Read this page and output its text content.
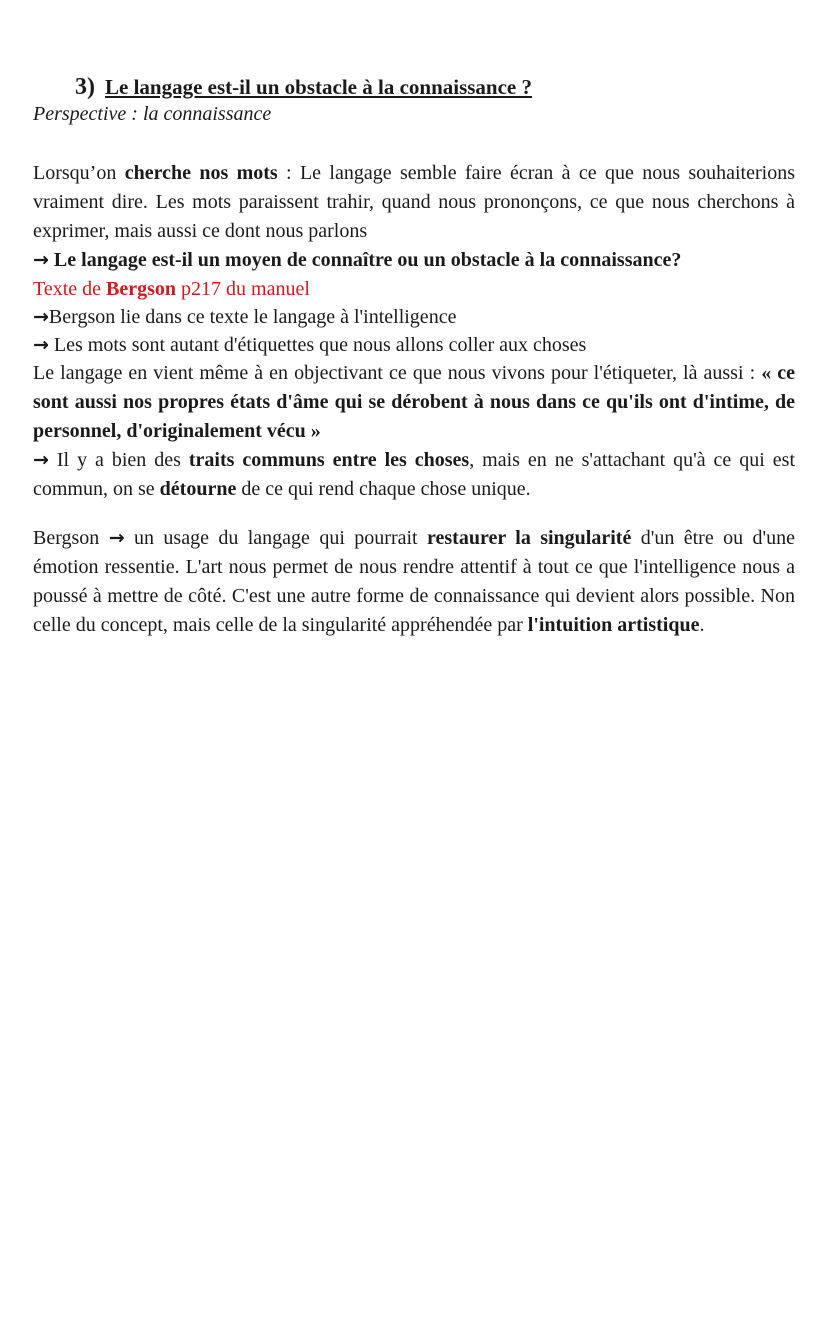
3) Le langage est-il un obstacle à la connaissance ?
Perspective : la connaissance

Lorsqu’on cherche nos mots : Le langage semble faire écran à ce que nous souhaiterions vraiment dire. Les mots paraissent trahir, quand nous prononçons, ce que nous cherchons à exprimer, mais aussi ce dont nous parlons

→ Le langage est-il un moyen de connaître ou un obstacle à la connaissance?
Texte de Bergson p217 du manuel
→Bergson lie dans ce texte le langage à l'intelligence
→ Les mots sont autant d'étiquettes que nous allons coller aux choses

Le langage en vient même à en objectivant ce que nous vivons pour l'étiqueter, là aussi : « ce sont aussi nos propres états d'âme qui se dérobent à nous dans ce qu'ils ont d'intime, de personnel, d'originalement vécu »

→ Il y a bien des traits communs entre les choses, mais en ne s'attachant qu'à ce qui est commun, on se détourne de ce qui rend chaque chose unique.

Bergson → un usage du langage qui pourrait restaurer la singularité d'un être ou d'une émotion ressentie. L'art nous permet de nous rendre attentif à tout ce que l'intelligence nous a poussé à mettre de côté. C'est une autre forme de connaissance qui devient alors possible. Non celle du concept, mais celle de la singularité appréhendée par l'intuition artistique.
